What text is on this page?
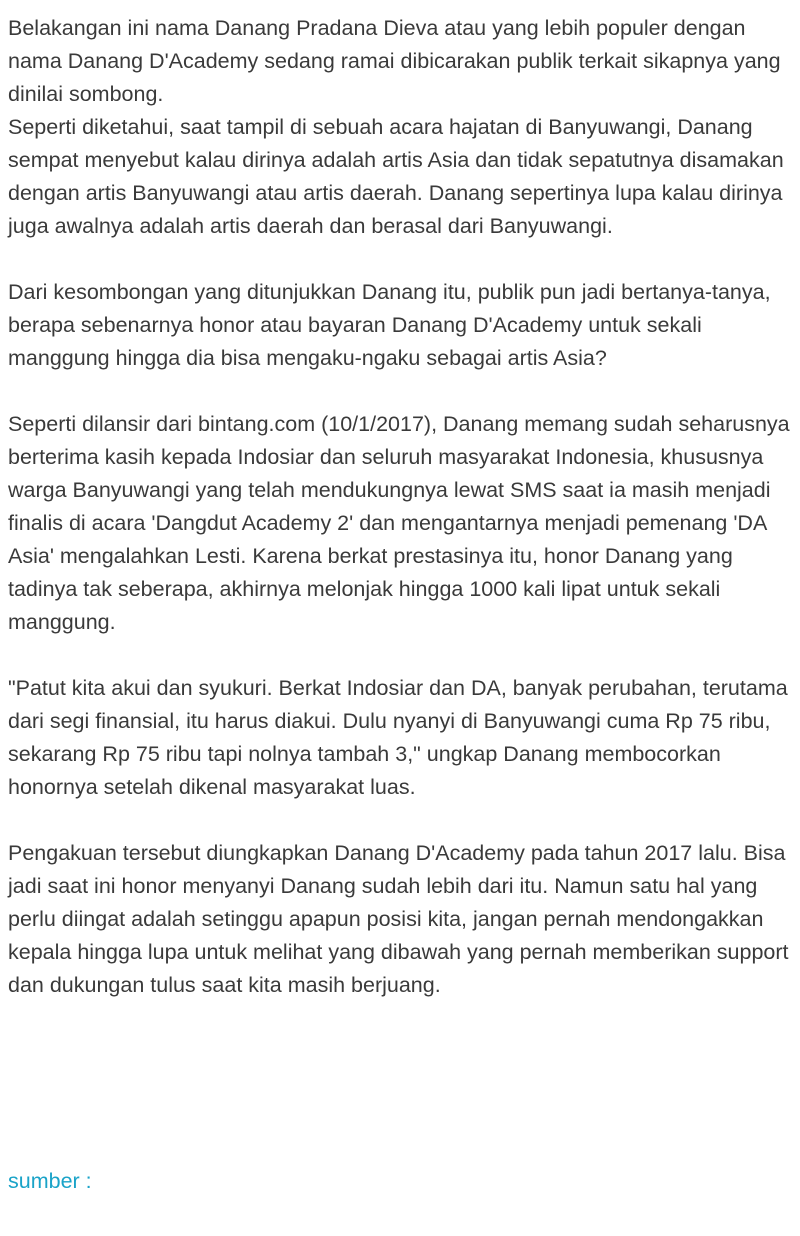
Belakangan ini nama Danang Pradana Dieva atau yang lebih populer dengan nama Danang D'Academy sedang ramai dibicarakan publik terkait sikapnya yang dinilai sombong.
Seperti diketahui, saat tampil di sebuah acara hajatan di Banyuwangi, Danang sempat menyebut kalau dirinya adalah artis Asia dan tidak sepatutnya disamakan dengan artis Banyuwangi atau artis daerah. Danang sepertinya lupa kalau dirinya juga awalnya adalah artis daerah dan berasal dari Banyuwangi.

Dari kesombongan yang ditunjukkan Danang itu, publik pun jadi bertanya-tanya, berapa sebenarnya honor atau bayaran Danang D'Academy untuk sekali manggung hingga dia bisa mengaku-ngaku sebagai artis Asia?

Seperti dilansir dari bintang.com (10/1/2017), Danang memang sudah seharusnya berterima kasih kepada Indosiar dan seluruh masyarakat Indonesia, khususnya warga Banyuwangi yang telah mendukungnya lewat SMS saat ia masih menjadi finalis di acara 'Dangdut Academy 2' dan mengantarnya menjadi pemenang 'DA Asia' mengalahkan Lesti. Karena berkat prestasinya itu, honor Danang yang tadinya tak seberapa, akhirnya melonjak hingga 1000 kali lipat untuk sekali manggung.

"Patut kita akui dan syukuri. Berkat Indosiar dan DA, banyak perubahan, terutama dari segi finansial, itu harus diakui. Dulu nyanyi di Banyuwangi cuma Rp 75 ribu, sekarang Rp 75 ribu tapi nolnya tambah 3," ungkap Danang membocorkan honornya setelah dikenal masyarakat luas.

Pengakuan tersebut diungkapkan Danang D'Academy pada tahun 2017 lalu. Bisa jadi saat ini honor menyanyi Danang sudah lebih dari itu. Namun satu hal yang perlu diingat adalah setinggu apapun posisi kita, jangan pernah mendongakkan kepala hingga lupa untuk melihat yang dibawah yang pernah memberikan support dan dukungan tulus saat kita masih berjuang.

sumber :
